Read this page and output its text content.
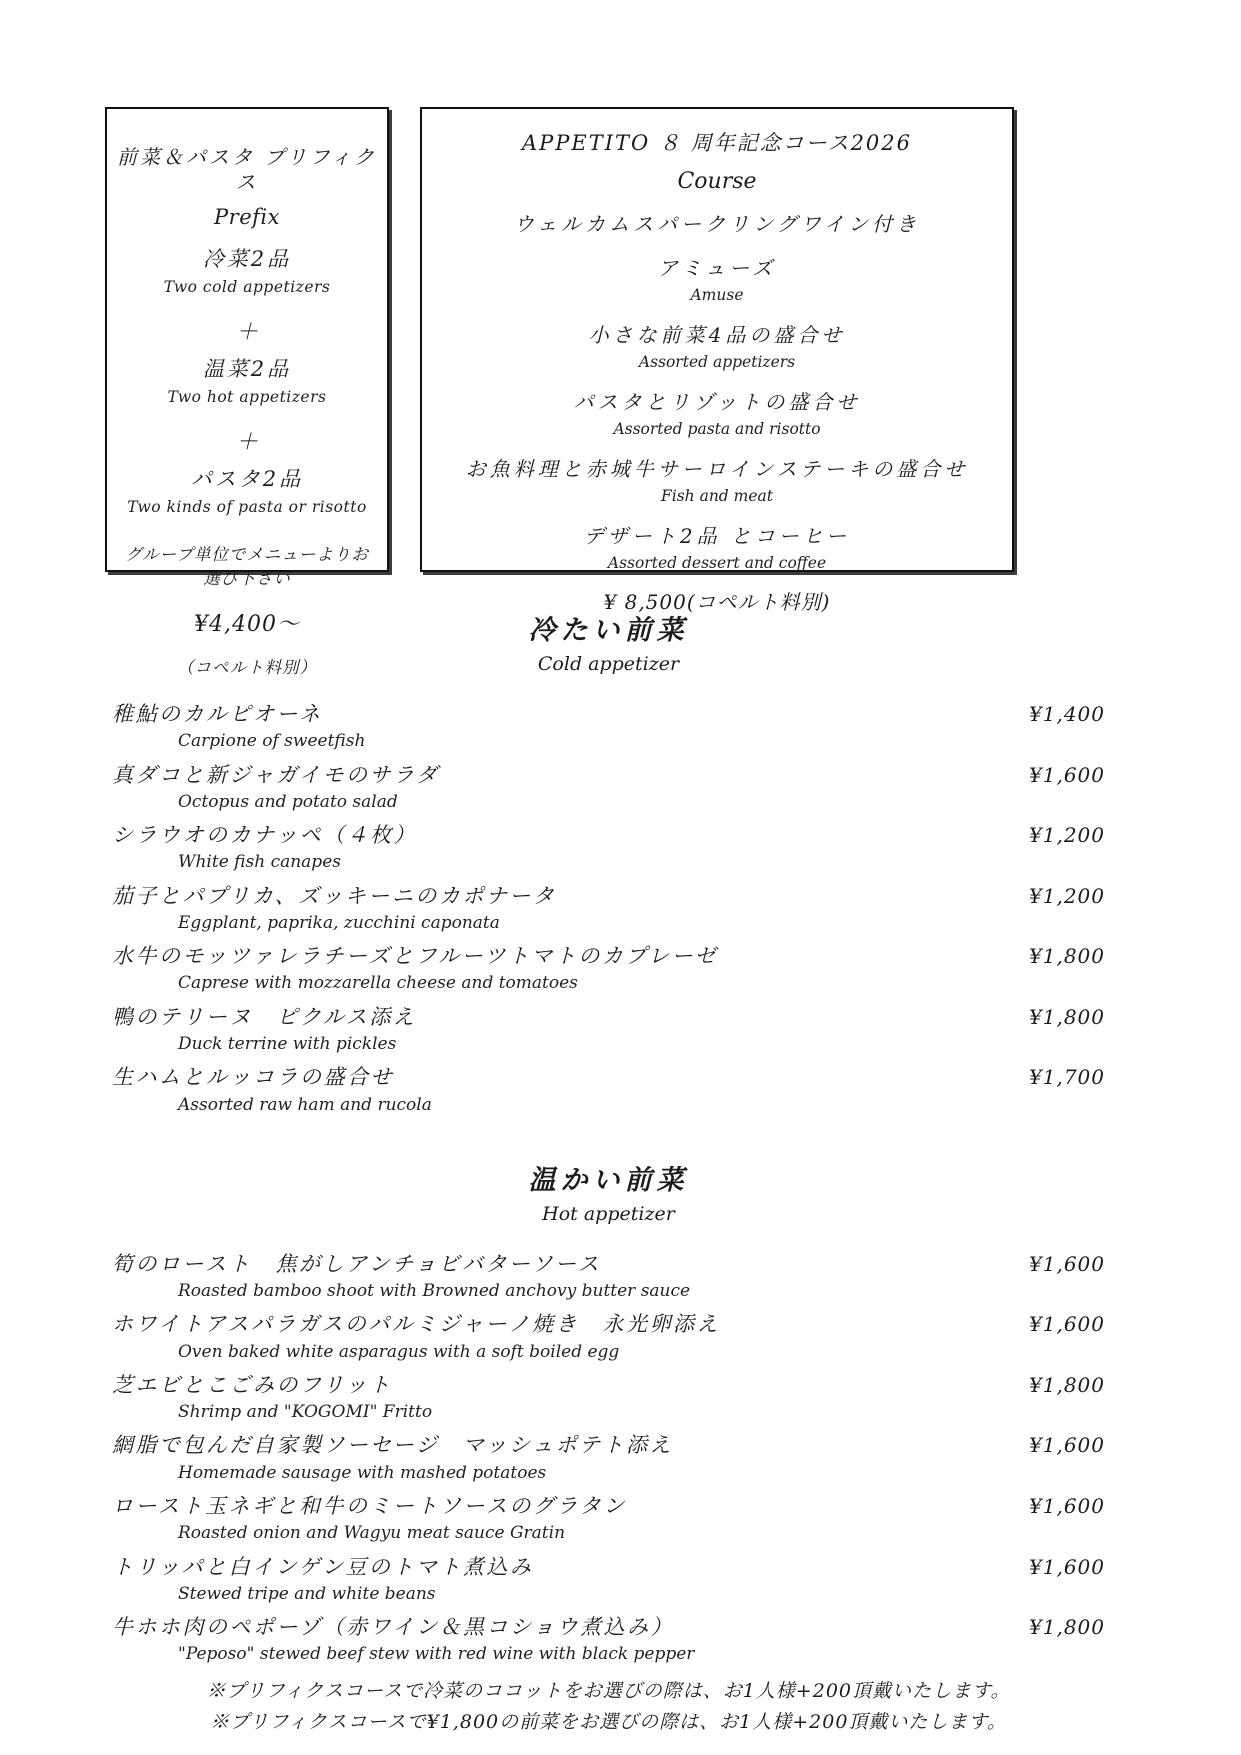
前菜＆パスタ プリフィクス
Prefix
冷菜2品
Two cold appetizers
＋
温菜2品
Two hot appetizers
＋
パスタ2品
Two kinds of pasta or risotto
グループ単位でメニューよりお選び下さい
¥4,400～
（コペルト料別）
APPETITO ８ 周年記念コース2026
Course
ウェルカムスパークリングワイン付き
アミューズ
Amuse
小さな前菜4品の盛合せ
Assorted appetizers
パスタとリゾットの盛合せ
Assorted pasta and risotto
お魚料理と赤城牛サーロインステーキの盛合せ
Fish and meat
デザート2品 とコーヒー
Assorted dessert and coffee
¥ 8,500(コペルト料別)
冷たい前菜
Cold appetizer
稚鮎のカルピオーネ	¥1,400
Carpione of sweetfish
真ダコと新ジャガイモのサラダ	¥1,600
Octopus and potato salad
シラウオのカナッペ（４枚）	¥1,200
White fish canapes
茄子とパプリカ、ズッキーニのカポナータ	¥1,200
Eggplant, paprika, zucchini caponata
水牛のモッツァレラチーズとフルーツトマトのカプレーゼ	¥1,800
Caprese with mozzarella cheese and tomatoes
鴨のテリーヌ　ピクルス添え	¥1,800
Duck terrine with pickles
生ハムとルッコラの盛合せ	¥1,700
Assorted raw ham and rucola
温かい前菜
Hot appetizer
筍のロースト　焦がしアンチョビバターソース	¥1,600
Roasted bamboo shoot with Browned anchovy butter sauce
ホワイトアスパラガスのパルミジャーノ焼き　永光卵添え	¥1,600
Oven baked white asparagus with a soft boiled egg
芝エビとこごみのフリット	¥1,800
Shrimp and "KOGOMI" Fritto
網脂で包んだ自家製ソーセージ　マッシュポテト添え	¥1,600
Homemade sausage with mashed potatoes
ロースト玉ネギと和牛のミートソースのグラタン	¥1,600
Roasted onion and Wagyu meat sauce Gratin
トリッパと白インゲン豆のトマト煮込み	¥1,600
Stewed tripe and white beans
牛ホホ肉のペポーゾ（赤ワイン＆黒コショウ煮込み）	¥1,800
"Peposo" stewed beef stew with red wine with black pepper
※プリフィクスコースで冷菜のココットをお選びの際は、お1人様+200頂戴いたします。
※プリフィクスコースで¥1,800の前菜をお選びの際は、お1人様+200頂戴いたします。
